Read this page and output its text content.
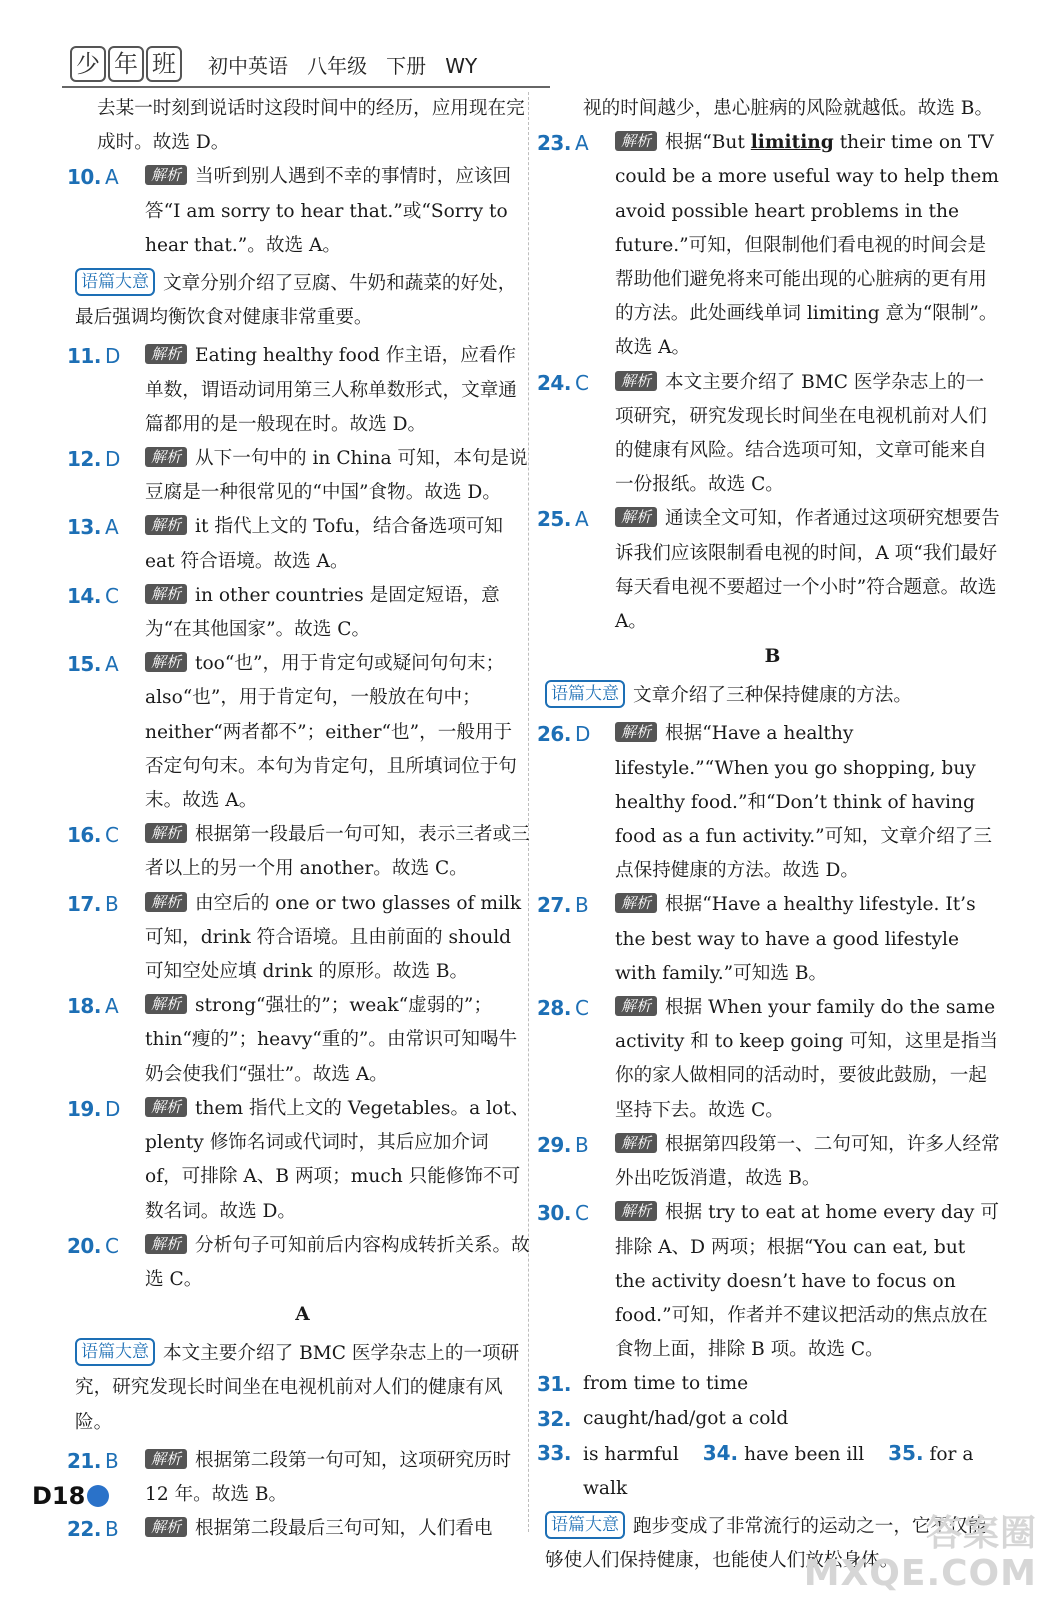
少 年 班	初中英语 八年级 下册 WY
去某一时刻到说话时这段时间中的经历，应用现在完成时。故选 D。
10. A	解析 当听到别人遇到不幸的事情时，应该回答“I am sorry to hear that.”或“Sorry to hear that.”。故选 A。
语篇大意 文章分别介绍了豆腐、牛奶和蔬菜的好处，最后强调均衡饮食对健康非常重要。
11. D	解析 Eating healthy food 作主语，应看作单数，谓语动词用第三人称单数形式，文章通篇都用的是一般现在时。故选 D。
12. D	解析 从下一句中的 in China 可知，本句是说豆腐是一种很常见的“中国”食物。故选 D。
13. A	解析 it 指代上文的 Tofu，结合备选项可知 eat 符合语境。故选 A。
14. C	解析 in other countries 是固定短语，意为“在其他国家”。故选 C。
15. A	解析 too“也”，用于肯定句或疑问句句末；also“也”，用于肯定句，一般放在句中；neither“两者都不”；either“也”，一般用于否定句句末。本句为肯定句，且所填词位于句末。故选 A。
16. C	解析 根据第一段最后一句可知，表示三者或三者以上的另一个用 another。故选 C。
17. B	解析 由空后的 one or two glasses of milk 可知，drink 符合语境。且由前面的 should 可知空处应填 drink 的原形。故选 B。
18. A	解析 strong“强壮的”；weak“虚弱的”；thin“瘦的”；heavy“重的”。由常识可知喝牛奶会使我们“强壮”。故选 A。
19. D	解析 them 指代上文的 Vegetables。a lot、plenty 修饰名词或代词时，其后应加介词 of，可排除 A、B 两项；much 只能修饰不可数名词。故选 D。
20. C	解析 分析句子可知前后内容构成转折关系。故选 C。
A
语篇大意 本文主要介绍了 BMC 医学杂志上的一项研究，研究发现长时间坐在电视机前对人们的健康有风险。
21. B	解析 根据第二段第一句可知，这项研究历时 12 年。故选 B。
22. B	解析 根据第二段最后三句可知，人们看电
视的时间越少，患心脏病的风险就越低。故选 B。
23. A	解析 根据“But limiting their time on TV could be a more useful way to help them avoid possible heart problems in the future.”可知，但限制他们看电视的时间会是帮助他们避免将来可能出现的心脏病的更有用的方法。此处画线单词 limiting 意为“限制”。故选 A。
24. C	解析 本文主要介绍了 BMC 医学杂志上的一项研究，研究发现长时间坐在电视机前对人们的健康有风险。结合选项可知，文章可能来自一份报纸。故选 C。
25. A	解析 通读全文可知，作者通过这项研究想要告诉我们应该限制看电视的时间，A 项“我们最好每天看电视不要超过一个小时”符合题意。故选 A。
B
语篇大意 文章介绍了三种保持健康的方法。
26. D	解析 根据“Have a healthy lifestyle.”“When you go shopping, buy healthy food.”和“Don’t think of having food as a fun activity.”可知，文章介绍了三点保持健康的方法。故选 D。
27. B	解析 根据“Have a healthy lifestyle. It’s the best way to have a good lifestyle with family.”可知选 B。
28. C	解析 根据 When your family do the same activity 和 to keep going 可知，这里是指当你的家人做相同的活动时，要彼此鼓励，一起坚持下去。故选 C。
29. B	解析 根据第四段第一、二句可知，许多人经常外出吃饭消遣，故选 B。
30. C	解析 根据 try to eat at home every day 可排除 A、D 两项；根据“You can eat, but the activity doesn’t have to focus on food.”可知，作者并不建议把活动的焦点放在食物上面，排除 B 项。故选 C。
31. from time to time
32. caught/had/got a cold
33. is harmful 34. have been ill 35. for a walk
语篇大意 跑步变成了非常流行的运动之一，它不仅能够使人们保持健康，也能使人们放松身体。
D18
答案圈
MXQE.COM
